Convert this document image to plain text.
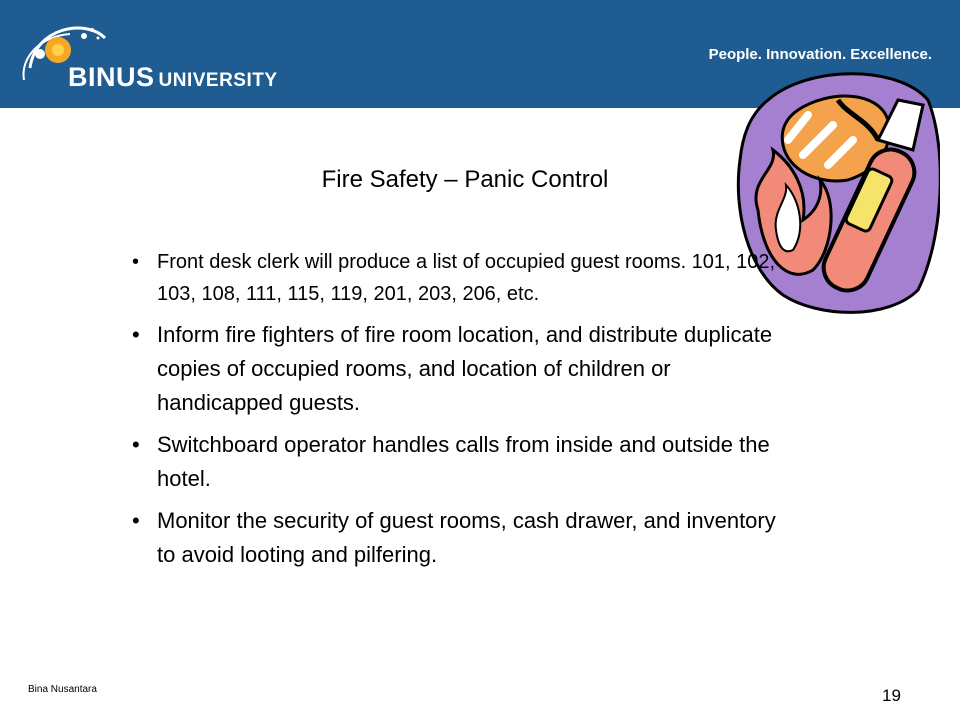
BINUS UNIVERSITY
People. Innovation. Excellence.
Fire Safety – Panic Control
• Front desk clerk will produce a list of occupied guest rooms. 101, 102, 103, 108, 111, 115, 119, 201, 203, 206, etc.
• Inform fire fighters of fire room location, and distribute duplicate copies of occupied rooms, and location of children or handicapped guests.
• Switchboard operator handles calls from inside and outside the hotel.
• Monitor the security of guest rooms, cash drawer, and inventory to avoid looting and pilfering.
Bina Nusantara	19
